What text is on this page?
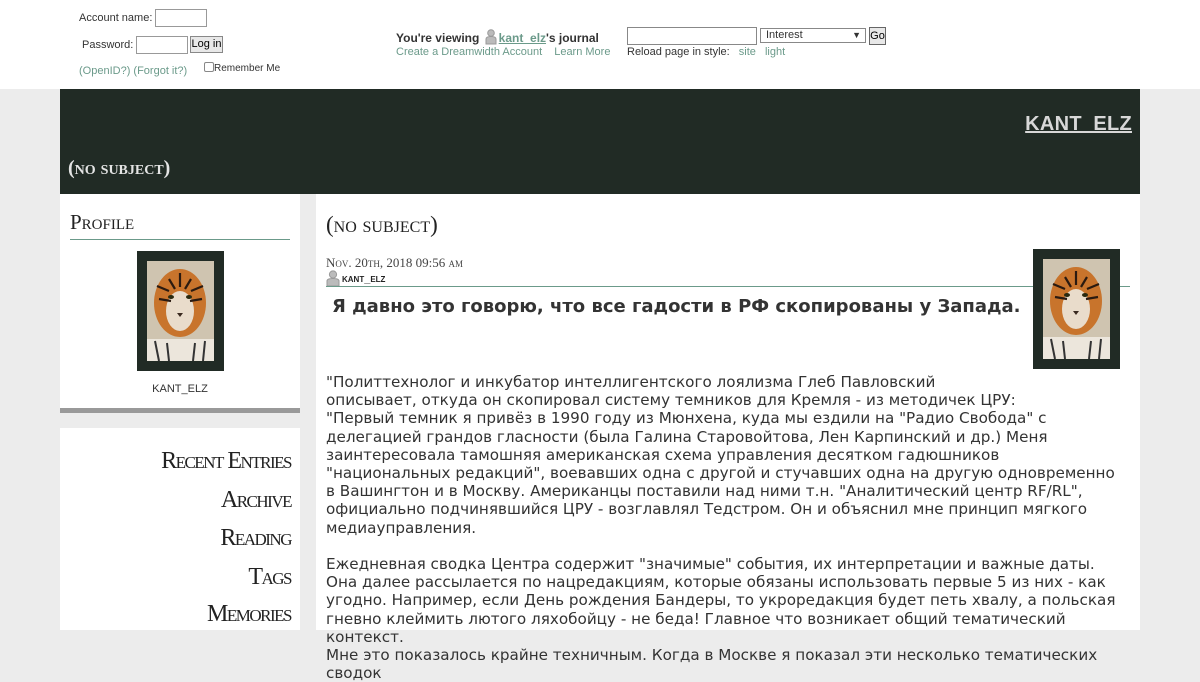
Account name:
Password:	Log in
(OpenID?) (Forgot it?)	Remember Me
You're viewing kant_elz's journal
Create a Dreamwidth Account Learn More
Interest	▼ Go
Reload page in style: site light
KANT_ELZ
(no subject)
Profile
KANT_ELZ
Recent Entries
Archive
Reading
Tags
Memories
(no subject)
Nov. 20th, 2018 09:56 am
kant_elz
Я давно это говорю, что все гадости в РФ скопированы у Запада.

"Политтехнолог и инкубатор интеллигентского лоялизма Глеб Павловский описывает, откуда он скопировал систему темников для Кремля - из методичек ЦРУ:

"Первый темник я привёз в 1990 году из Мюнхена, куда мы ездили на "Радио Свобода" с делегацией грандов гласности (была Галина Старовойтова, Лен Карпинский и др.) Меня заинтересовала тамошняя американская схема управления десятком гадюшников "национальных редакций", воевавших одна с другой и стучавших одна на другую одновременно в Вашингтон и в Москву. Американцы поставили над ними т.н. "Аналитический центр RF/RL", официально подчинявшийся ЦРУ - возглавлял Тедстром. Он и объяснил мне принцип мягкого медиауправления.

Ежедневная сводка Центра содержит "значимые" события, их интерпретации и важные даты. Она далее рассылается по нацредакциям, которые обязаны использовать первые 5 из них - как угодно. Например, если День рождения Бандеры, то укроредакция будет петь хвалу, а польская гневно клеймить лютого ляхобойцу - не беда! Главное что возникает общий тематический контекст.

Мне это показалось крайне техничным. Когда в Москве я показал эти несколько тематических сводок
